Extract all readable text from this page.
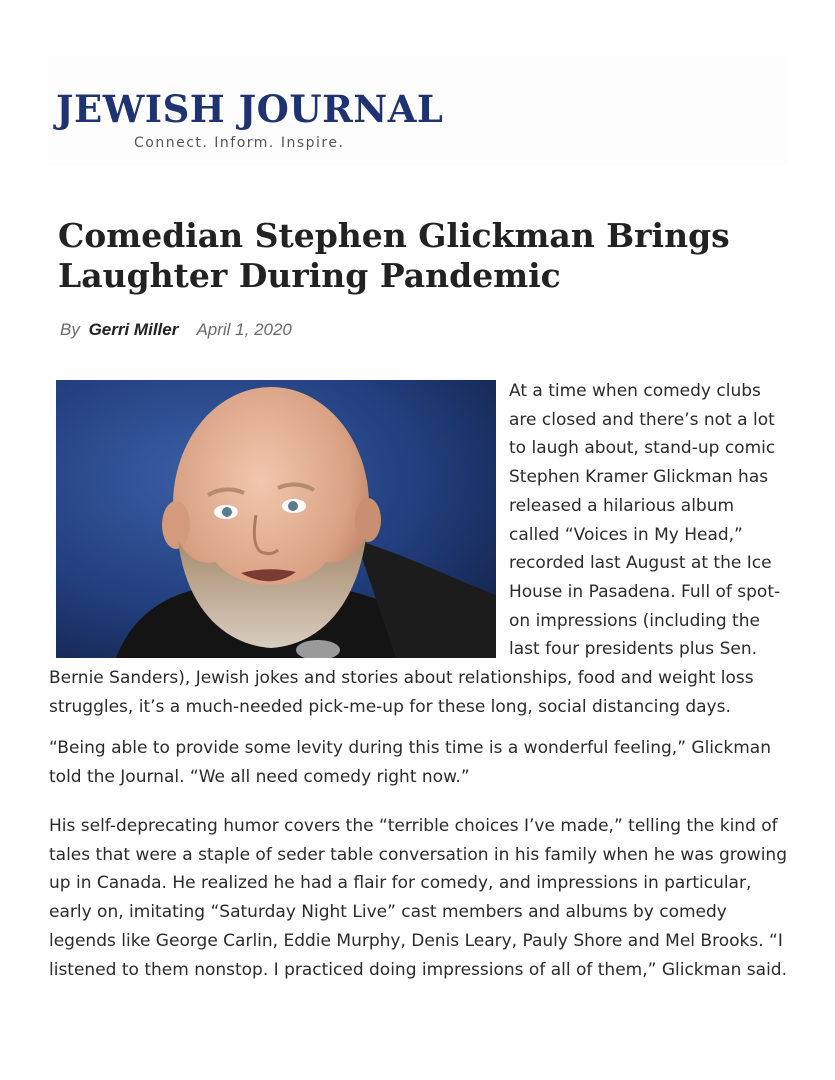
JEWISH JOURNAL
Connect. Inform. Inspire.
Comedian Stephen Glickman Brings
Laughter During Pandemic
By Gerri Miller April 1, 2020
At a time when comedy clubs
are closed and there’s not a lot
to laugh about, stand-up comic
Stephen Kramer Glickman has
released a hilarious album
called “Voices in My Head,”
recorded last August at the Ice
House in Pasadena. Full of spot-
on impressions (including the
last four presidents plus Sen.
Bernie Sanders), Jewish jokes and stories about relationships, food and weight loss
struggles, it’s a much-needed pick-me-up for these long, social distancing days.
“Being able to provide some levity during this time is a wonderful feeling,” Glickman
told the Journal. “We all need comedy right now.”
His self-deprecating humor covers the “terrible choices I’ve made,” telling the kind of
tales that were a staple of seder table conversation in his family when he was growing
up in Canada. He realized he had a flair for comedy, and impressions in particular,
early on, imitating “Saturday Night Live” cast members and albums by comedy
legends like George Carlin, Eddie Murphy, Denis Leary, Pauly Shore and Mel Brooks. “I
listened to them nonstop. I practiced doing impressions of all of them,” Glickman said.
